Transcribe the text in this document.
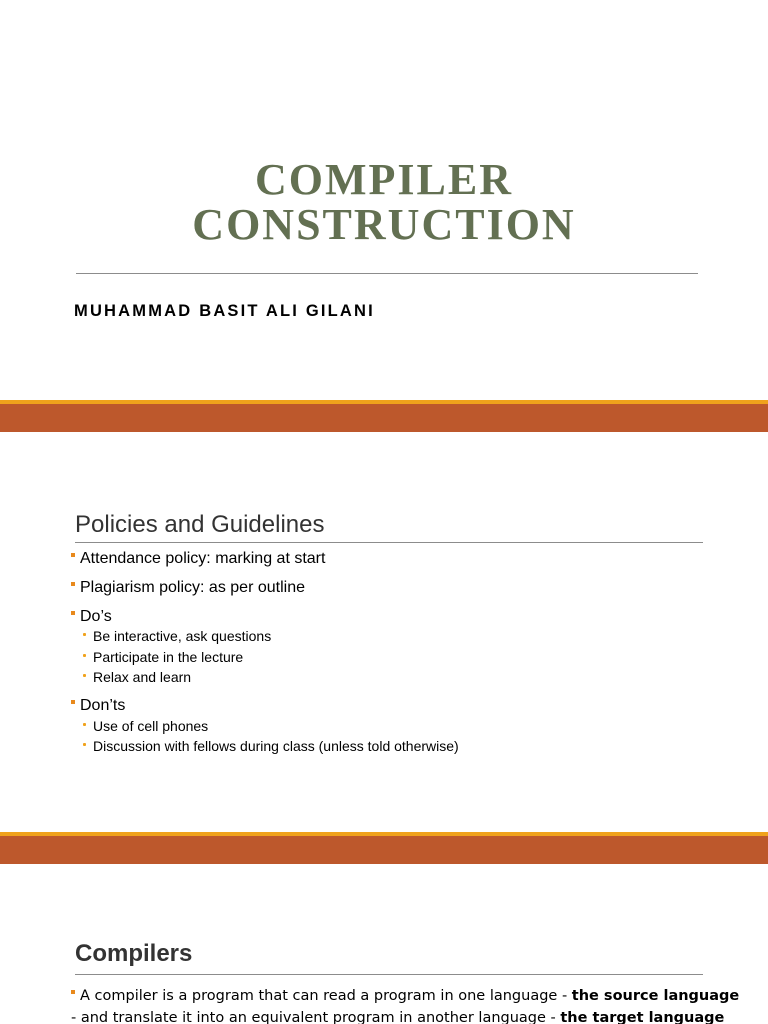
COMPILER
CONSTRUCTION
MUHAMMAD BASIT ALI GILANI
Policies and Guidelines
Attendance policy: marking at start
Plagiarism policy: as per outline
Do’s
Be interactive, ask questions
Participate in the lecture
Relax and learn
Don’ts
Use of cell phones
Discussion with fellows during class (unless told otherwise)
Compilers
A compiler is a program that can read a program in one language - the source language
- and translate it into an equivalent program in another language - the target language
